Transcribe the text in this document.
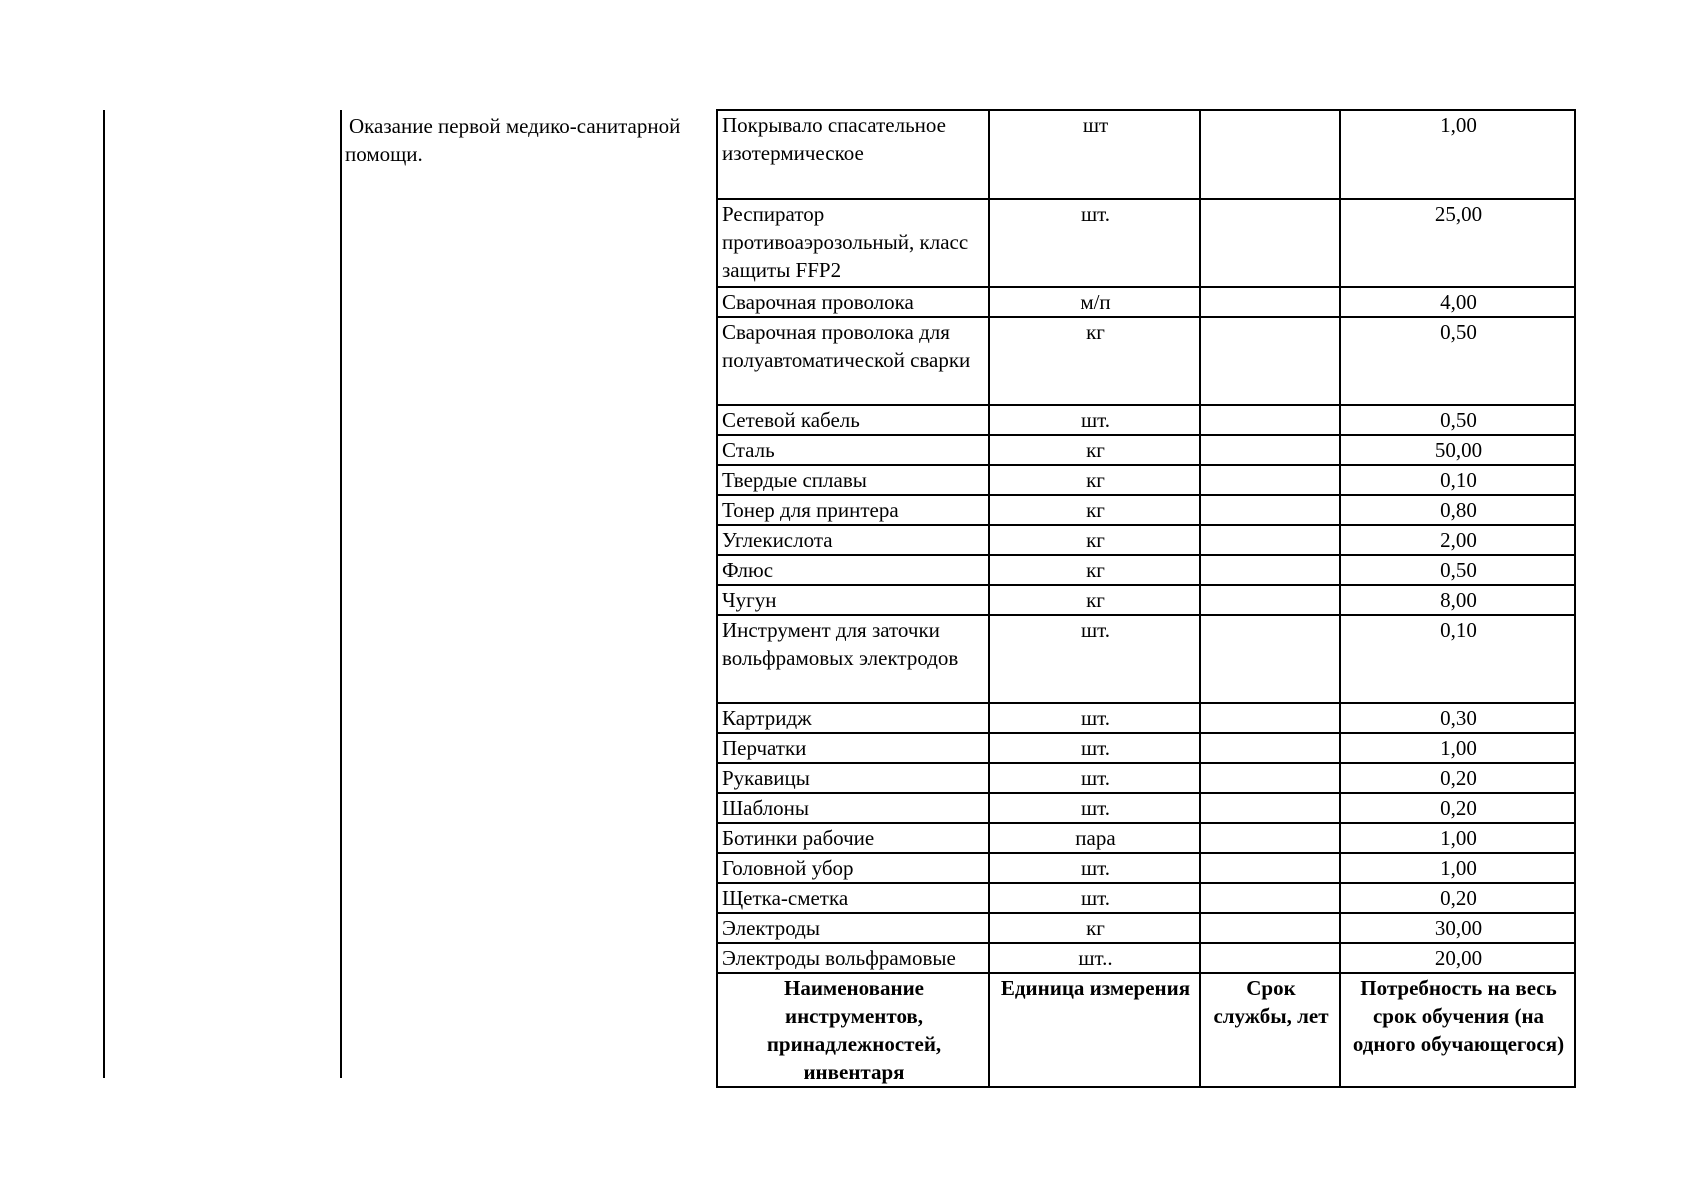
Оказание первой медико-санитарной помощи.
Покрывало спасательное изотермическое	шт		1,00
Респиратор противоаэрозольный, класс защиты FFP2	шт.		25,00
Сварочная проволока	м/п		4,00
Сварочная проволока для полуавтоматической сварки	кг		0,50
Сетевой кабель	шт.		0,50
Сталь	кг		50,00
Твердые сплавы	кг		0,10
Тонер для принтера	кг		0,80
Углекислота	кг		2,00
Флюс	кг		0,50
Чугун	кг		8,00
Инструмент для заточки вольфрамовых электродов	шт.		0,10
Картридж	шт.		0,30
Перчатки	шт.		1,00
Рукавицы	шт.		0,20
Шаблоны	шт.		0,20
Ботинки рабочие	пара		1,00
Головной убор	шт.		1,00
Щетка-сметка	шт.		0,20
Электроды	кг		30,00
Электроды вольфрамовые	шт..		20,00
Наименование инструментов, принадлежностей, инвентаря	Единица измерения	Срок службы, лет	Потребность на весь срок обучения (на одного обучающегося)
